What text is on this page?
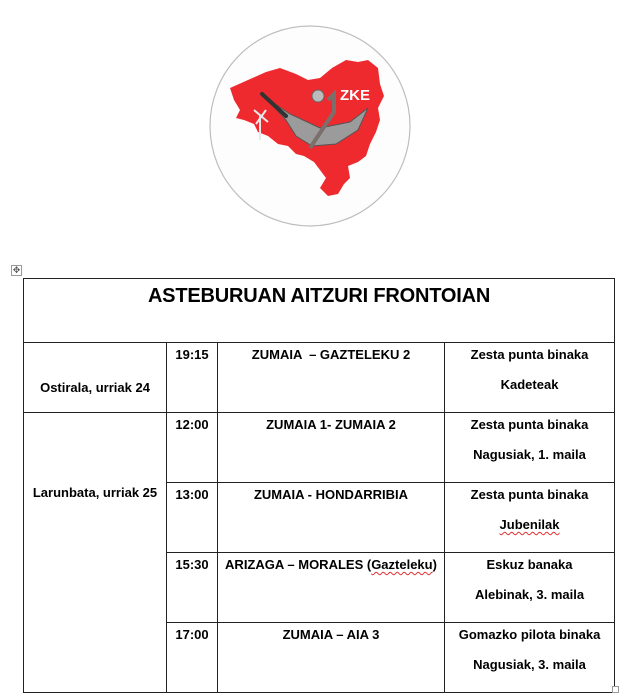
ZKE
✥
ASTEBURUAN AITZURI FRONTOIAN			

Ostirala, urriak 24	19:15	ZUMAIA  – GAZTELEKU 2	Zesta punta binaka
Kadeteak

Larunbata, urriak 25	12:00	ZUMAIA 1- ZUMAIA 2	Zesta punta binaka
Nagusiak, 1. maila

	13:00	ZUMAIA - HONDARRIBIA	Zesta punta binaka
Jubenilak

	15:30	ARIZAGA – MORALES (Gazteleku)	Eskuz banaka
Alebinak, 3. maila

	17:00	ZUMAIA – AIA 3	Gomazko pilota binaka
Nagusiak, 3. maila
